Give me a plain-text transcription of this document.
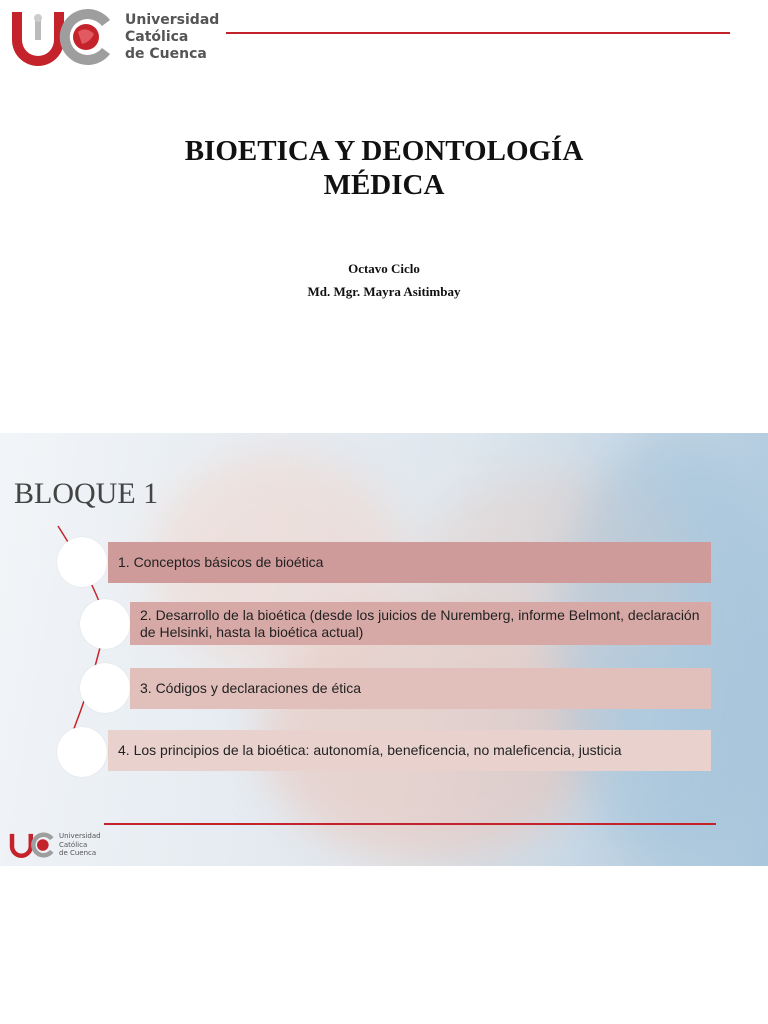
Universidad
Católica
de Cuenca
BIOETICA Y DEONTOLOGÍA
MÉDICA
Octavo Ciclo
Md. Mgr. Mayra Asitimbay
BLOQUE 1
1. Conceptos básicos de bioética
2. Desarrollo de la bioética (desde los juicios de Nuremberg, informe Belmont, declaración de Helsinki, hasta la bioética actual)
3. Códigos y declaraciones de ética
4. Los principios de la bioética: autonomía, beneficencia, no maleficencia, justicia
Universidad
Católica
de Cuenca
